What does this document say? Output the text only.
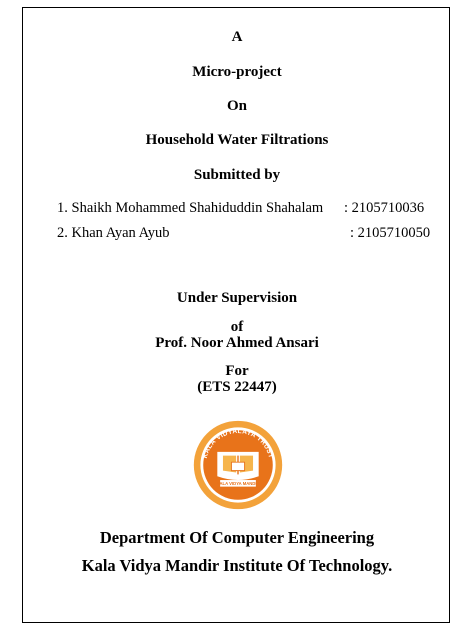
A
Micro-project
On
Household Water Filtrations
Submitted by
1. Shaikh Mohammed Shahiduddin Shahalam : 2105710036
2. Khan Ayan Ayub	: 2105710050
Under Supervision
of
Prof. Noor Ahmed Ansari
For
(ETS 22447)
KALA VIDYALAYA TRUST
KALA VIDYA MANDIR
Department Of Computer Engineering
Kala Vidya Mandir Institute Of Technology.
